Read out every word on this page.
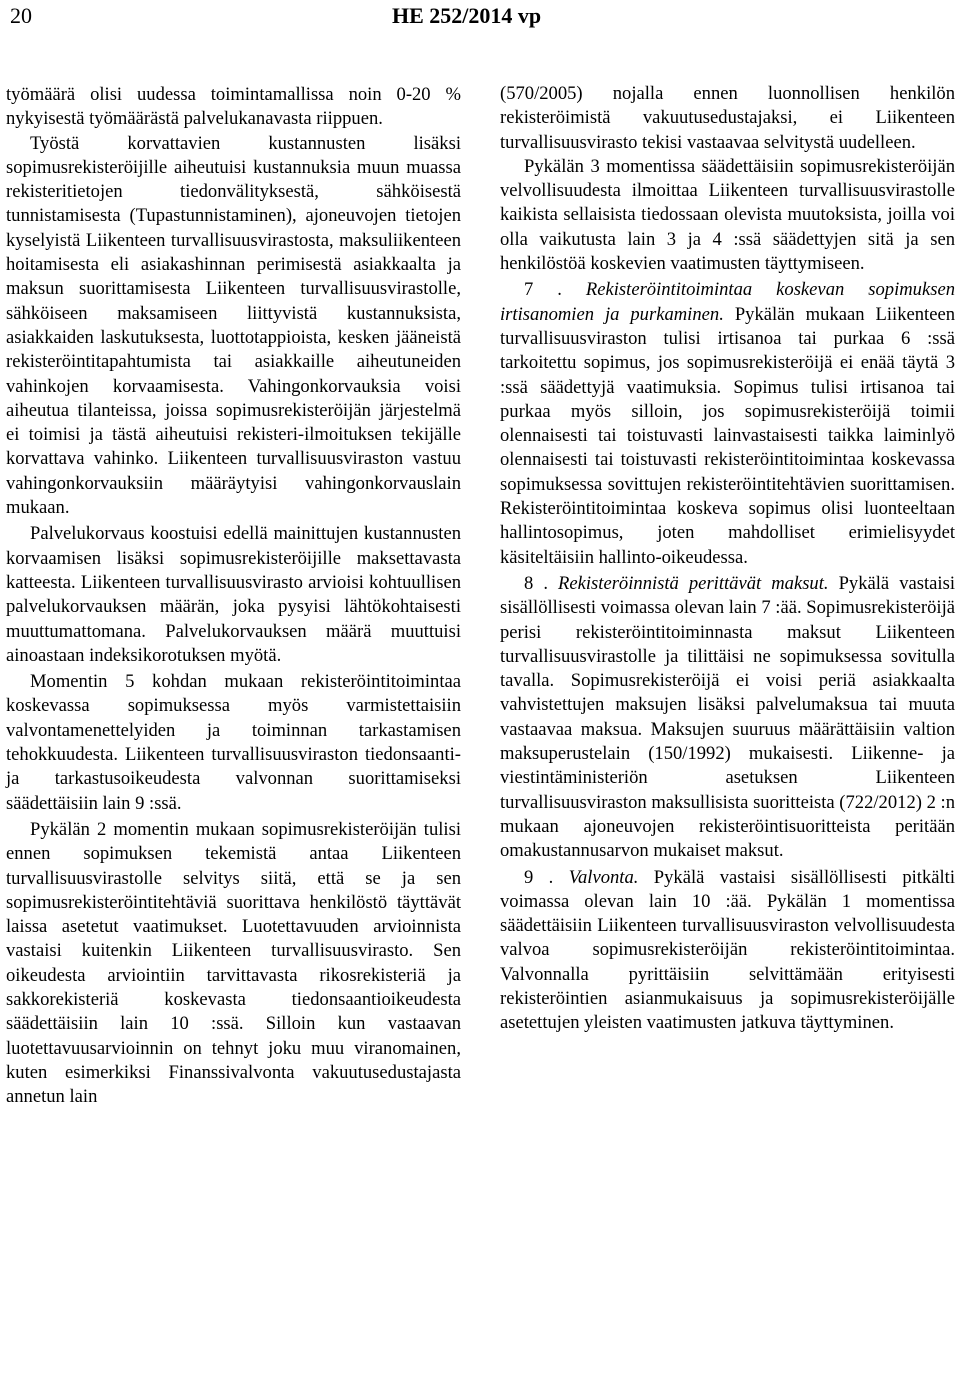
20	HE 252/2014 vp

työmäärä olisi uudessa toimintamallissa noin 0-20 % nykyisestä työmäärästä palvelukanavasta riippuen.

Työstä korvattavien kustannusten lisäksi sopimusrekisteröijille aiheutuisi kustannuksia muun muassa rekisteritietojen tiedonvälityksestä, sähköisestä tunnistamisesta (Tupastunnistaminen), ajoneuvojen tietojen kyselyistä Liikenteen turvallisuusvirastosta, maksuliikenteen hoitamisesta eli asiakashinnan perimisestä asiakkaalta ja maksun suorittamisesta Liikenteen turvallisuusvirastolle, sähköiseen maksamiseen liittyvistä kustannuksista, asiakkaiden laskutuksesta, luottotappioista, kesken jääneistä rekisteröintitapahtumista tai asiakkaille aiheutuneiden vahinkojen korvaamisesta. Vahingonkorvauksia voisi aiheutua tilanteissa, joissa sopimusrekisteröijän järjestelmä ei toimisi ja tästä aiheutuisi rekisteri-ilmoituksen tekijälle korvattava vahinko. Liikenteen turvallisuusviraston vastuu vahingonkorvauksiin määräytyisi vahingonkorvauslain mukaan.

Palvelukorvaus koostuisi edellä mainittujen kustannusten korvaamisen lisäksi sopimusrekisteröijille maksettavasta katteesta. Liikenteen turvallisuusvirasto arvioisi kohtuullisen palvelukorvauksen määrän, joka pysyisi lähtökohtaisesti muuttumattomana. Palvelukorvauksen määrä muuttuisi ainoastaan indeksikorotuksen myötä.

Momentin 5 kohdan mukaan rekisteröintitoimintaa koskevassa sopimuksessa myös varmistettaisiin valvontamenettelyiden ja toiminnan tarkastamisen tehokkuudesta. Liikenteen turvallisuusviraston tiedonsaanti- ja tarkastusoikeudesta valvonnan suorittamiseksi säädettäisiin lain 9 :ssä.

Pykälän 2 momentin mukaan sopimusrekisteröijän tulisi ennen sopimuksen tekemistä antaa Liikenteen turvallisuusvirastolle selvitys siitä, että se ja sen sopimusrekisteröintitehtäviä suorittava henkilöstö täyttävät laissa asetetut vaatimukset. Luotettavuuden arvioinnista vastaisi kuitenkin Liikenteen turvallisuusvirasto. Sen oikeudesta arviointiin tarvittavasta rikosrekisteriä ja sakkorekisteriä koskevasta tiedonsaantioikeudesta säädettäisiin lain 10 :ssä. Silloin kun vastaavan luotettavuusarvioinnin on tehnyt joku muu viranomainen, kuten esimerkiksi Finanssivalvonta vakuutusedustajasta annetun lain

(570/2005) nojalla ennen luonnollisen henkilön rekisteröimistä vakuutusedustajaksi, ei Liikenteen turvallisuusvirasto tekisi vastaavaa selvitystä uudelleen.

Pykälän 3 momentissa säädettäisiin sopimusrekisteröijän velvollisuudesta ilmoittaa Liikenteen turvallisuusvirastolle kaikista sellaisista tiedossaan olevista muutoksista, joilla voi olla vaikutusta lain 3 ja 4 :ssä säädettyjen sitä ja sen henkilöstöä koskevien vaatimusten täyttymiseen.

7 . Rekisteröintitoimintaa koskevan sopimuksen irtisanomien ja purkaminen. Pykälän mukaan Liikenteen turvallisuusviraston tulisi irtisanoa tai purkaa 6 :ssä tarkoitettu sopimus, jos sopimusrekisteröijä ei enää täytä 3 :ssä säädettyjä vaatimuksia. Sopimus tulisi irtisanoa tai purkaa myös silloin, jos sopimusrekisteröijä toimii olennaisesti tai toistuvasti lainvastaisesti taikka laiminlyö olennaisesti tai toistuvasti rekisteröintitoimintaa koskevassa sopimuksessa sovittujen rekisteröintitehtävien suorittamisen. Rekisteröintitoimintaa koskeva sopimus olisi luonteeltaan hallintosopimus, joten mahdolliset erimielisyydet käsiteltäisiin hallinto-oikeudessa.

8 . Rekisteröinnistä perittävät maksut. Pykälä vastaisi sisällöllisesti voimassa olevan lain 7 :ää. Sopimusrekisteröijä perisi rekisteröintitoiminnasta maksut Liikenteen turvallisuusvirastolle ja tilittäisi ne sopimuksessa sovitulla tavalla. Sopimusrekisteröijä ei voisi periä asiakkaalta vahvistettujen maksujen lisäksi palvelumaksua tai muuta vastaavaa maksua. Maksujen suuruus määrättäisiin valtion maksuperustelain (150/1992) mukaisesti. Liikenne- ja viestintäministeriön asetuksen Liikenteen turvallisuusviraston maksullisista suoritteista (722/2012) 2 :n mukaan ajoneuvojen rekisteröintisuoritteista peritään omakustannusarvon mukaiset maksut.

9 . Valvonta. Pykälä vastaisi sisällöllisesti pitkälti voimassa olevan lain 10 :ää. Pykälän 1 momentissa säädettäisiin Liikenteen turvallisuusviraston velvollisuudesta valvoa sopimusrekisteröijän rekisteröintitoimintaa. Valvonnalla pyrittäisiin selvittämään erityisesti rekisteröintien asianmukaisuus ja sopimusrekisteröijälle asetettujen yleisten vaatimusten jatkuva täyttyminen.
